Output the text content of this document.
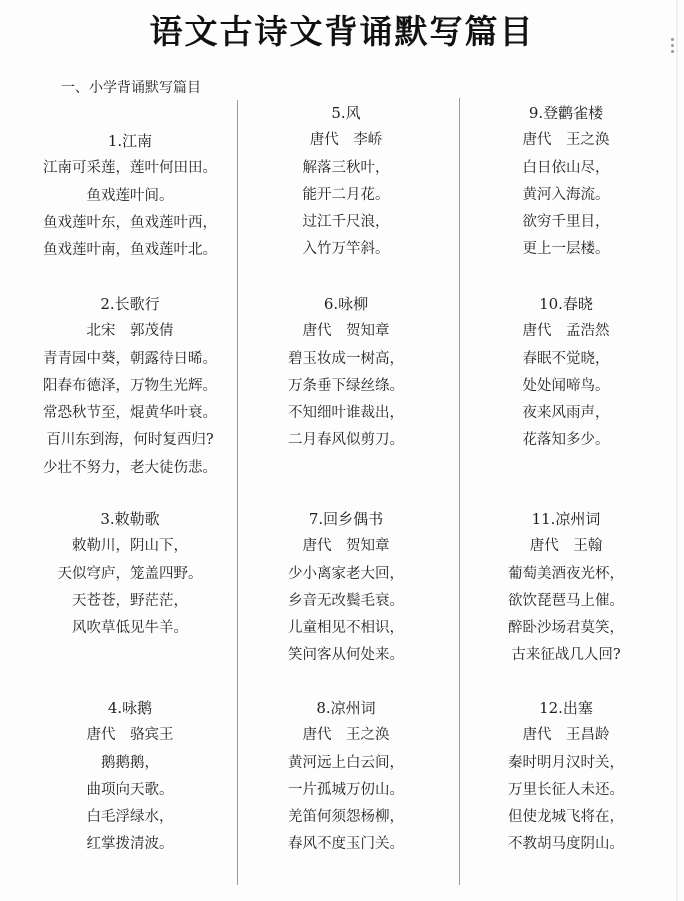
语文古诗文背诵默写篇目
一、小学背诵默写篇目
1.江南
江南可采莲，莲叶何田田。
鱼戏莲叶间。
鱼戏莲叶东，鱼戏莲叶西，
鱼戏莲叶南，鱼戏莲叶北。
2.长歌行
北宋　郭茂倩
青青园中葵，朝露待日晞。
阳春布德泽，万物生光辉。
常恐秋节至，焜黄华叶衰。
百川东到海，何时复西归?
少壮不努力，老大徒伤悲。
3.敕勒歌
敕勒川，阴山下，
天似穹庐，笼盖四野。
天苍苍，野茫茫，
风吹草低见牛羊。
4.咏鹅
唐代　骆宾王
鹅鹅鹅，
曲项向天歌。
白毛浮绿水，
红掌拨清波。
5.风
唐代　李峤
解落三秋叶，
能开二月花。
过江千尺浪，
入竹万竿斜。
6.咏柳
唐代　贺知章
碧玉妆成一树高，
万条垂下绿丝绦。
不知细叶谁裁出，
二月春风似剪刀。
7.回乡偶书
唐代　贺知章
少小离家老大回，
乡音无改鬓毛衰。
儿童相见不相识，
笑问客从何处来。
8.凉州词
唐代　王之涣
黄河远上白云间，
一片孤城万仞山。
羌笛何须怨杨柳，
春风不度玉门关。
9.登鹳雀楼
唐代　王之涣
白日依山尽，
黄河入海流。
欲穷千里目，
更上一层楼。
10.春晓
唐代　孟浩然
春眠不觉晓，
处处闻啼鸟。
夜来风雨声，
花落知多少。
11.凉州词
唐代　王翰
葡萄美酒夜光杯，
欲饮琵琶马上催。
醉卧沙场君莫笑，
古来征战几人回?
12.出塞
唐代　王昌龄
秦时明月汉时关，
万里长征人未还。
但使龙城飞将在，
不教胡马度阴山。
